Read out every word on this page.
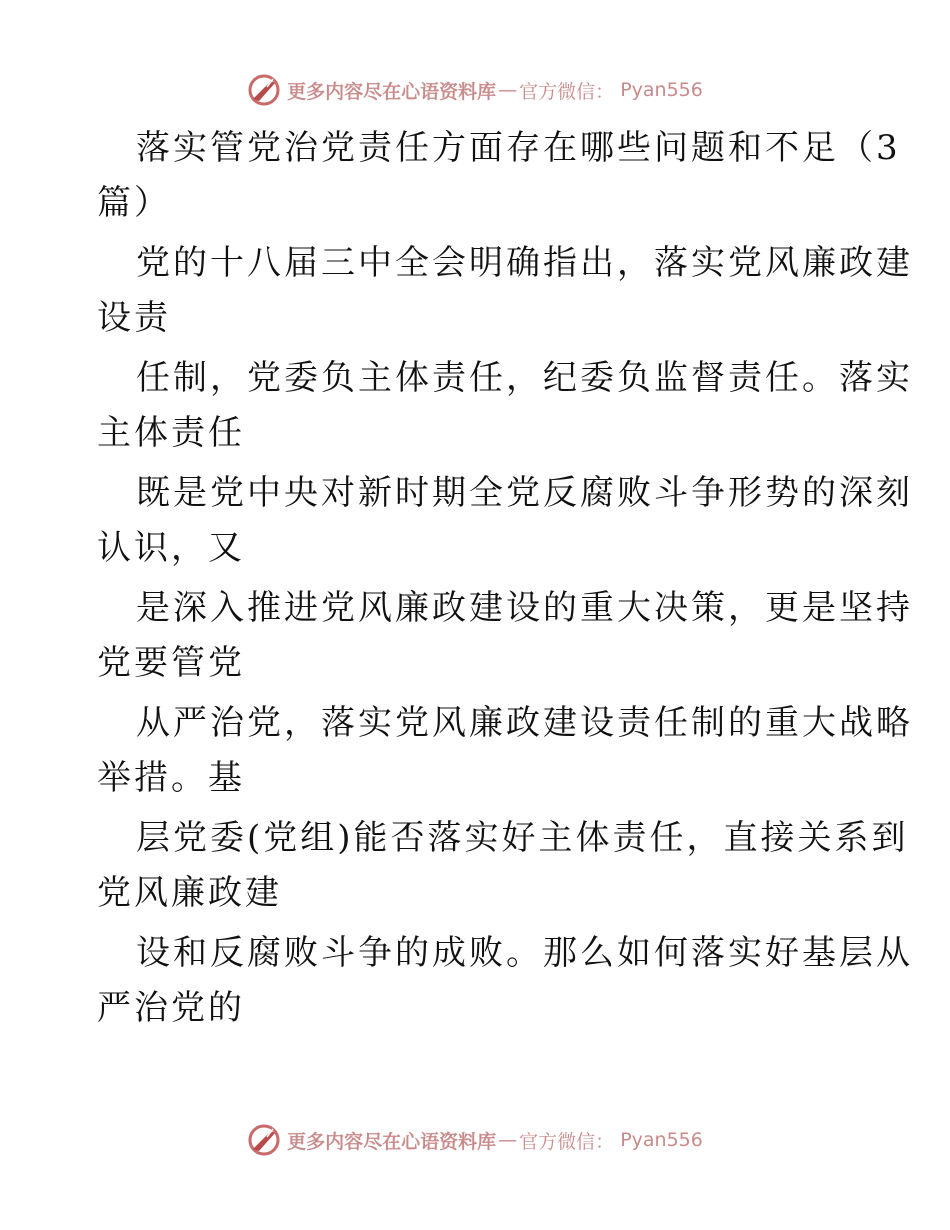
更多内容尽在心语资料库 — 官方微信： Pyan556
落实管党治党责任方面存在哪些问题和不足（3
篇）
党的十八届三中全会明确指出，落实党风廉政建
设责
任制，党委负主体责任，纪委负监督责任。落实
主体责任
既是党中央对新时期全党反腐败斗争形势的深刻
认识，又
是深入推进党风廉政建设的重大决策，更是坚持
党要管党
从严治党，落实党风廉政建设责任制的重大战略
举措。基
层党委(党组)能否落实好主体责任，直接关系到
党风廉政建
设和反腐败斗争的成败。那么如何落实好基层从
严治党的
更多内容尽在心语资料库 — 官方微信： Pyan556
